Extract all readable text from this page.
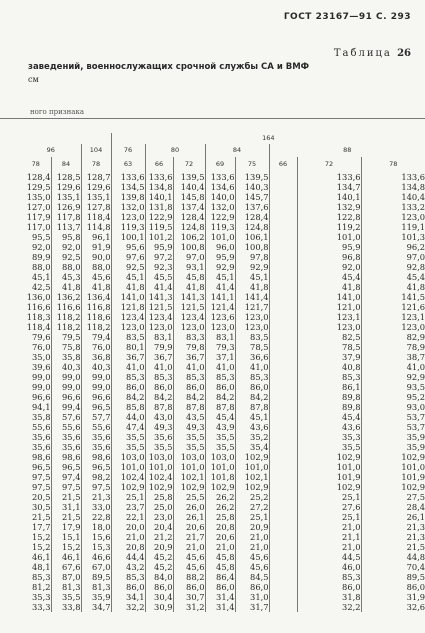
ГОСТ 23167—91 С. 293
Таблица 26
заведений, военнослужащих срочной службы СА и ВМФ
см
ного признака
			164							
96		104	76	80		84		88		
78	84	78	63	66	72	69	75	66	72	78
128,4	128,5	128,7	133,6	133,6	139,5	133,6	139,5		133,6	133,6
129,5	129,6	129,6	134,5	134,8	140,4	134,6	140,3		134,7	134,8
135,0	135,1	135,1	139,8	140,1	145,8	140,0	145,7		140,1	140,4
127,0	126,9	127,8	132,0	131,8	137,4	132,0	137,6		132,9	133,2
117,9	117,8	118,4	123,0	122,9	128,4	122,9	128,4		122,8	123,0
117,0	113,7	114,8	119,3	119,5	124,8	119,3	124,8		119,2	119,1
95,5	95,8	96,1	100,1	101,2	106,2	101,0	106,1		101,0	101,3
92,0	92,0	91,9	95,6	95,9	100,8	96,0	100,8		95,9	96,2
89,9	92,5	90,0	97,6	97,2	97,0	95,9	97,8		96,8	97,0
88,0	88,0	88,0	92,5	92,3	93,1	92,9	92,9		92,0	92,8
45,1	45,3	45,6	45,1	45,5	45,8	45,1	45,1		45,4	45,4
42,5	41,8	41,8	41,8	41,4	41,8	41,4	41,8		41,8	41,8
136,0	136,2	136,4	141,0	141,3	141,3	141,1	141,4		141,0	141,5
116,6	116,6	116,8	121,8	121,5	121,5	121,4	121,7		121,0	121,6
118,3	118,2	118,6	123,4	123,4	123,4	123,6	123,0		123,1	123,1
118,4	118,2	118,2	123,0	123,0	123,0	123,0	123,0		123,0	123,0
79,6	79,5	79,4	83,5	83,1	83,3	83,1	83,5		82,5	82,9
76,0	75,8	76,0	80,1	79,9	79,8	79,3	78,5		78,5	78,9
35,0	35,8	36,8	36,7	36,7	36,7	37,1	36,6		37,9	38,7
39,6	40,3	40,3	41,0	41,0	41,0	41,0	41,0		40,8	41,0
99,0	99,0	99,0	85,3	85,3	85,3	85,3	85,3		85,3	92,9
99,0	99,0	99,0	86,0	86,0	86,0	86,0	86,0		86,1	93,5
96,6	96,6	96,6	84,2	84,2	84,2	84,2	84,2		89,8	95,2
94,1	99,4	96,5	85,8	87,8	87,8	87,8	87,8		89,8	93,0
35,8	57,6	57,7	44,0	43,0	43,5	45,4	45,1		45,4	53,7
55,6	55,6	55,6	47,4	49,3	49,3	43,9	43,6		43,6	53,7
35,6	35,6	35,6	35,5	35,6	35,5	35,5	35,2		35,3	35,9
35,6	35,6	35,6	35,5	35,5	35,5	35,5	35,4		35,5	35,9
98,6	98,6	98,6	103,0	103,0	103,0	103,0	102,9		102,9	102,9
96,5	96,5	96,5	101,0	101,0	101,0	101,0	101,0		101,0	101,0
97,5	97,4	98,2	102,4	102,4	102,1	101,8	102,1		101,9	101,9
97,5	97,5	97,5	102,9	102,9	102,9	102,9	102,9		102,9	102,9
20,5	21,5	21,3	25,1	25,8	25,5	26,2	25,2		25,1	27,5
30,5	31,1	33,0	23,7	25,0	26,0	26,2	27,2		27,6	28,4
21,5	21,5	22,8	22,1	23,0	26,1	25,8	25,1		25,1	26,1
17,7	17,9	18,0	20,0	20,4	20,6	20,8	20,9		21,0	21,3
15,2	15,1	15,6	21,0	21,2	21,7	20,6	21,0		21,1	21,3
15,2	15,2	15,3	20,8	20,9	21,0	21,0	21,0		21,0	21,5
46,1	46,1	46,6	44,4	45,2	45,6	45,8	45,6		44,5	44,8
48,1	67,6	67,0	43,2	45,2	45,6	45,8	45,6		46,0	70,4
85,3	87,0	89,5	85,3	84,0	88,2	86,4	84,5		85,3	89,5
81,2	81,3	81,3	86,0	86,0	86,0	86,0	86,0		86,0	86,0
35,3	35,5	35,9	34,1	30,4	30,7	31,4	31,0		31,8	31,9
33,3	33,8	34,7	32,2	30,9	31,2	31,4	31,7		32,2	32,6
